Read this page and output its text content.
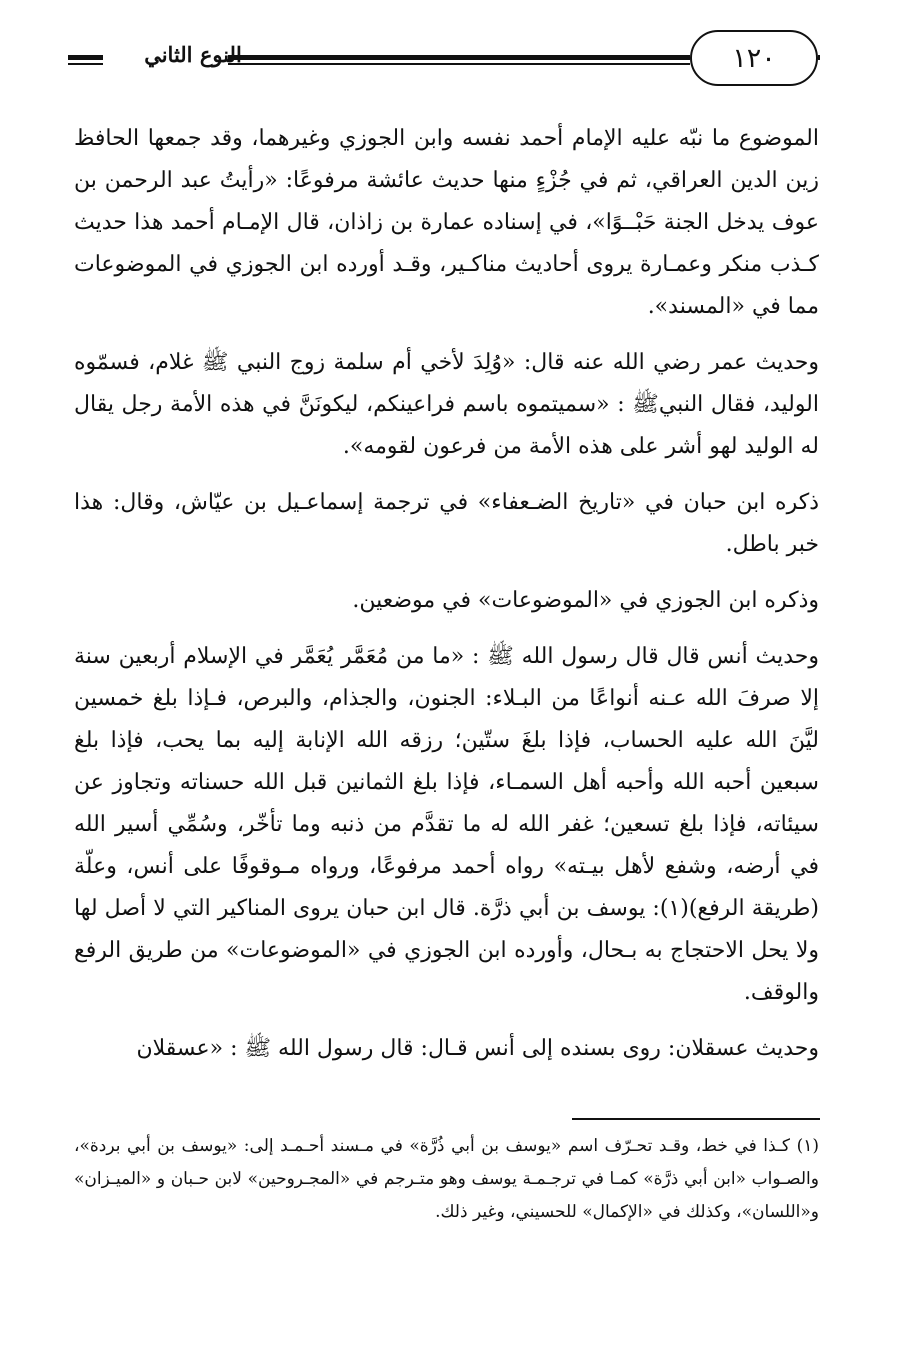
١٢٠
النوع الثاني

الموضوع ما نبّه عليه الإمام أحمد نفسه وابن الجوزي وغيرهما، وقد جمعها الحافظ زين الدين العراقي، ثم في جُزْءٍ منها حديث عائشة مرفوعًا: «رأيتُ عبد الرحمن بن عوف يدخل الجنة حَبْــوًا»، في إسناده عمارة بن زاذان، قال الإمـام أحمد هذا حديث كـذب منكر وعمـارة يروى أحاديث مناكـير، وقـد أورده ابن الجوزي في الموضوعات مما في «المسند».

وحديث عمر رضي الله عنه قال: «وُلِدَ لأخي أم سلمة زوج النبي ﷺ غلام، فسمّوه الوليد، فقال النبيﷺ : «سميتموه باسم فراعينكم، ليكونَنَّ في هذه الأمة رجل يقال له الوليد لهو أشر على هذه الأمة من فرعون لقومه».

ذكره ابن حبان في «تاريخ الضـعفاء» في ترجمة إسماعـيل بن عيّاش، وقال: هذا خبر باطل.

وذكره ابن الجوزي في «الموضوعات» في موضعين.

وحديث أنس قال قال رسول الله ﷺ : «ما من مُعَمَّر يُعَمَّر في الإسلام أربعين سنة إلا صرفَ الله عـنه أنواعًا من البـلاء: الجنون، والجذام، والبرص، فـإذا بلغ خمسين ليَّنَ الله عليه الحساب، فإذا بلغَ ستّين؛ رزقه الله الإنابة إليه بما يحب، فإذا بلغ سبعين أحبه الله وأحبه أهل السمـاء، فإذا بلغ الثمانين قبل الله حسناته وتجاوز عن سيئاته، فإذا بلغ تسعين؛ غفر الله له ما تقدَّم من ذنبه وما تأخّر، وسُمِّي أسير الله في أرضه، وشفع لأهل بيـته» رواه أحمد مرفوعًا، ورواه مـوقوفًا على أنس، وعلّة (طريقة الرفع)(١): يوسف بن أبي ذرَّة. قال ابن حبان يروى المناكير التي لا أصل لها ولا يحل الاحتجاج به بـحال، وأورده ابن الجوزي في «الموضوعات» من طريق الرفع والوقف.

وحديث عسقلان: روى بسنده إلى أنس قـال: قال رسول الله ﷺ : «عسقلان

(١) كـذا في خط، وقـد تحـرّف اسم «يوسف بن أبي ذُرَّة» في مـسند أحـمـد إلى: «يوسف بن أبي بردة»، والصـواب «ابن أبي ذرَّة» كمـا في ترجـمـة يوسف وهو متـرجم في «المجـروحين» لابن حـبان و «الميـزان» و«اللسان»، وكذلك في «الإكمال» للحسيني، وغير ذلك.
